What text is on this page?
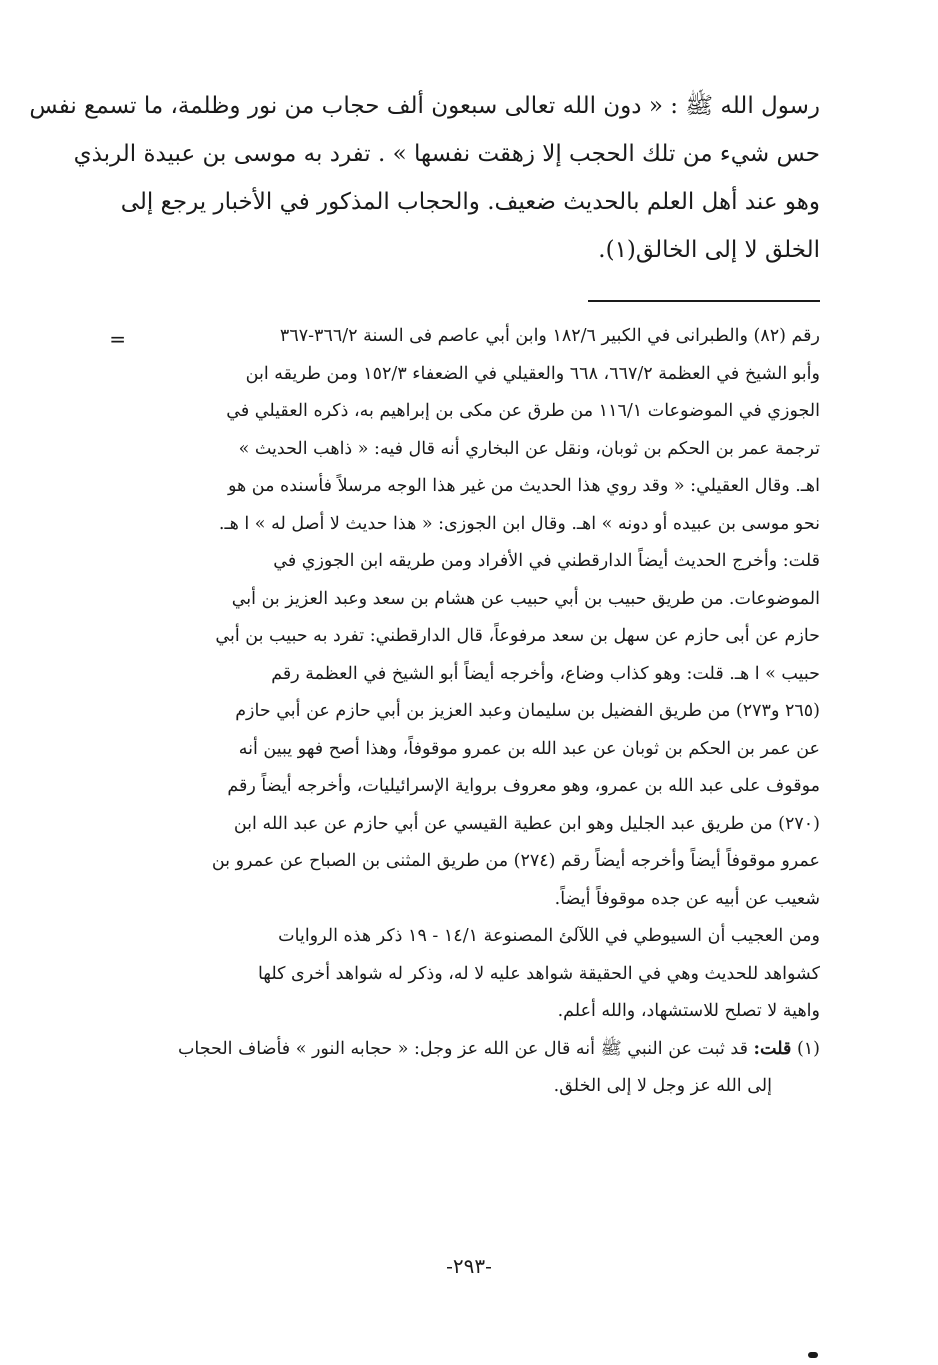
رسول الله ﷺ : « دون الله تعالى سبعون ألف حجاب من نور وظلمة، ما تسمع نفس
حس شيء من تلك الحجب إلا زهقت نفسها » . تفرد به موسى بن عبيدة الربذي
وهو عند أهل العلم بالحديث ضعيف. والحجاب المذكور في الأخبار يرجع إلى
الخلق لا إلى الخالق(١).
=	رقم (٨٢) والطبرانى في الكبير ١٨٢/٦ وابن أبي عاصم فى السنة ٣٦٦/٢-٣٦٧
وأبو الشيخ في العظمة ٦٦٧/٢، ٦٦٨ والعقيلي في الضعفاء ١٥٢/٣ ومن طريقه ابن
الجوزي في الموضوعات ١١٦/١ من طرق عن مكى بن إبراهيم به، ذكره العقيلي في
ترجمة عمر بن الحكم بن ثوبان، ونقل عن البخاري أنه قال فيه: « ذاهب الحديث »
اهـ. وقال العقيلي: « وقد روي هذا الحديث من غير هذا الوجه مرسلاً فأسنده من هو
نحو موسى بن عبيده أو دونه » اهـ. وقال ابن الجوزى: « هذا حديث لا أصل له » ا هـ.
قلت: وأخرج الحديث أيضاً الدارقطني في الأفراد ومن طريقه ابن الجوزي في
الموضوعات. من طريق حبيب بن أبي حبيب عن هشام بن سعد وعبد العزيز بن أبي
حازم عن أبى حازم عن سهل بن سعد مرفوعاً، قال الدارقطني: تفرد به حبيب بن أبي
حبيب » ا هـ. قلت: وهو كذاب وضاع، وأخرجه أيضاً أبو الشيخ في العظمة رقم
(٢٦٥ و٢٧٣) من طريق الفضيل بن سليمان وعبد العزيز بن أبي حازم عن أبي حازم
عن عمر بن الحكم بن ثوبان عن عبد الله بن عمرو موقوفاً، وهذا أصح فهو يبين أنه
موقوف على عبد الله بن عمرو، وهو معروف برواية الإسرائيليات، وأخرجه أيضاً رقم
(٢٧٠) من طريق عبد الجليل وهو ابن عطية القيسي عن أبي حازم عن عبد الله ابن
عمرو موقوفاً أيضاً وأخرجه أيضاً رقم (٢٧٤) من طريق المثنى بن الصباح عن عمرو بن
شعيب عن أبيه عن جده موقوفاً أيضاً.
ومن العجيب أن السيوطي في اللآلئ المصنوعة ١٤/١ - ١٩ ذكر هذه الروايات
كشواهد للحديث وهي في الحقيقة شواهد عليه لا له، وذكر له شواهد أخرى كلها
واهية لا تصلح للاستشهاد، والله أعلم.
(١) قلت: قد ثبت عن النبي ﷺ أنه قال عن الله عز وجل: « حجابه النور » فأضاف الحجاب
إلى الله عز وجل لا إلى الخلق.
-٢٩٣-
